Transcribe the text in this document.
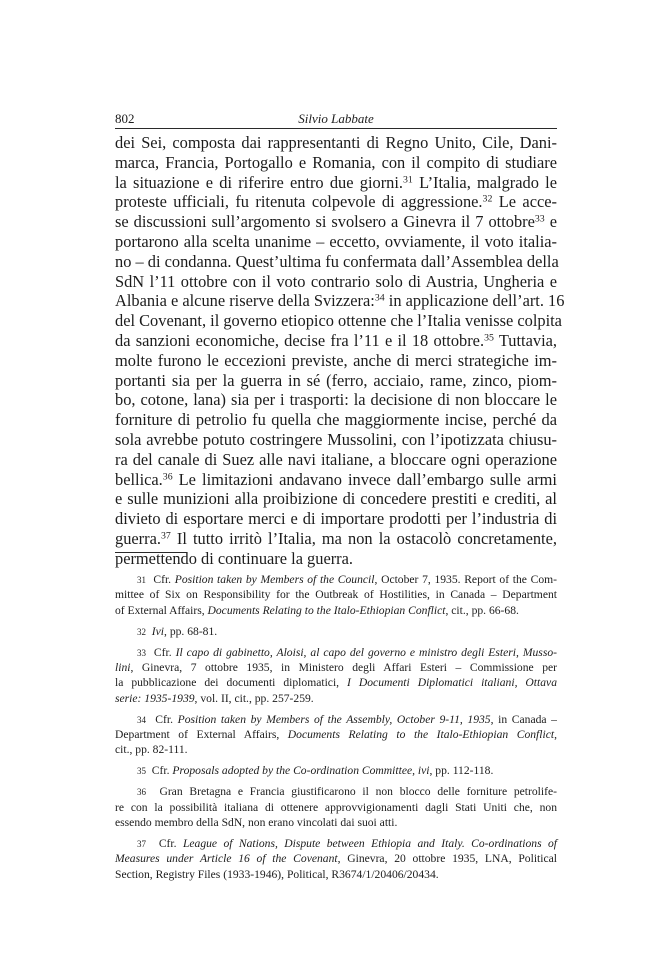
802	Silvio Labbate
dei Sei, composta dai rappresentanti di Regno Unito, Cile, Dani-
marca, Francia, Portogallo e Romania, con il compito di studiare
la situazione e di riferire entro due giorni.$^{31}$ L’Italia, malgrado le
proteste ufficiali, fu ritenuta colpevole di aggressione.$^{32}$ Le acce-
se discussioni sull’argomento si svolsero a Ginevra il 7 ottobre$^{33}$ e
portarono alla scelta unanime – eccetto, ovviamente, il voto italia-
no – di condanna. Quest’ultima fu confermata dall’Assemblea della
SdN l’11 ottobre con il voto contrario solo di Austria, Ungheria e
Albania e alcune riserve della Svizzera:$^{34}$ in applicazione dell’art. 16
del Covenant, il governo etiopico ottenne che l’Italia venisse colpita
da sanzioni economiche, decise fra l’11 e il 18 ottobre.$^{35}$ Tuttavia,
molte furono le eccezioni previste, anche di merci strategiche im-
portanti sia per la guerra in sé (ferro, acciaio, rame, zinco, piom-
bo, cotone, lana) sia per i trasporti: la decisione di non bloccare le
forniture di petrolio fu quella che maggiormente incise, perché da
sola avrebbe potuto costringere Mussolini, con l’ipotizzata chiusu-
ra del canale di Suez alle navi italiane, a bloccare ogni operazione
bellica.$^{36}$ Le limitazioni andavano invece dall’embargo sulle armi
e sulle munizioni alla proibizione di concedere prestiti e crediti, al
divieto di esportare merci e di importare prodotti per l’industria di
guerra.$^{37}$ Il tutto irritò l’Italia, ma non la ostacolò concretamente,
permettendo di continuare la guerra.
31 Cfr. Position taken by Members of the Council, October 7, 1935. Report of the Com-
mittee of Six on Responsibility for the Outbreak of Hostilities, in Canada – Department
of External Affairs, Documents Relating to the Italo-Ethiopian Conflict, cit., pp. 66-68.
32 Ivi, pp. 68-81.
33 Cfr. Il capo di gabinetto, Aloisi, al capo del governo e ministro degli Esteri, Musso-
lini, Ginevra, 7 ottobre 1935, in Ministero degli Affari Esteri – Commissione per
la pubblicazione dei documenti diplomatici, I Documenti Diplomatici italiani, Ottava
serie: 1935-1939, vol. II, cit., pp. 257-259.
34 Cfr. Position taken by Members of the Assembly, October 9-11, 1935, in Canada –
Department of External Affairs, Documents Relating to the Italo-Ethiopian Conflict,
cit., pp. 82-111.
35 Cfr. Proposals adopted by the Co-ordination Committee, ivi, pp. 112-118.
36 Gran Bretagna e Francia giustificarono il non blocco delle forniture petrolife-
re con la possibilità italiana di ottenere approvvigionamenti dagli Stati Uniti che, non
essendo membro della SdN, non erano vincolati dai suoi atti.
37 Cfr. League of Nations, Dispute between Ethiopia and Italy. Co-ordinations of
Measures under Article 16 of the Covenant, Ginevra, 20 ottobre 1935, LNA, Political
Section, Registry Files (1933-1946), Political, R3674/1/20406/20434.
